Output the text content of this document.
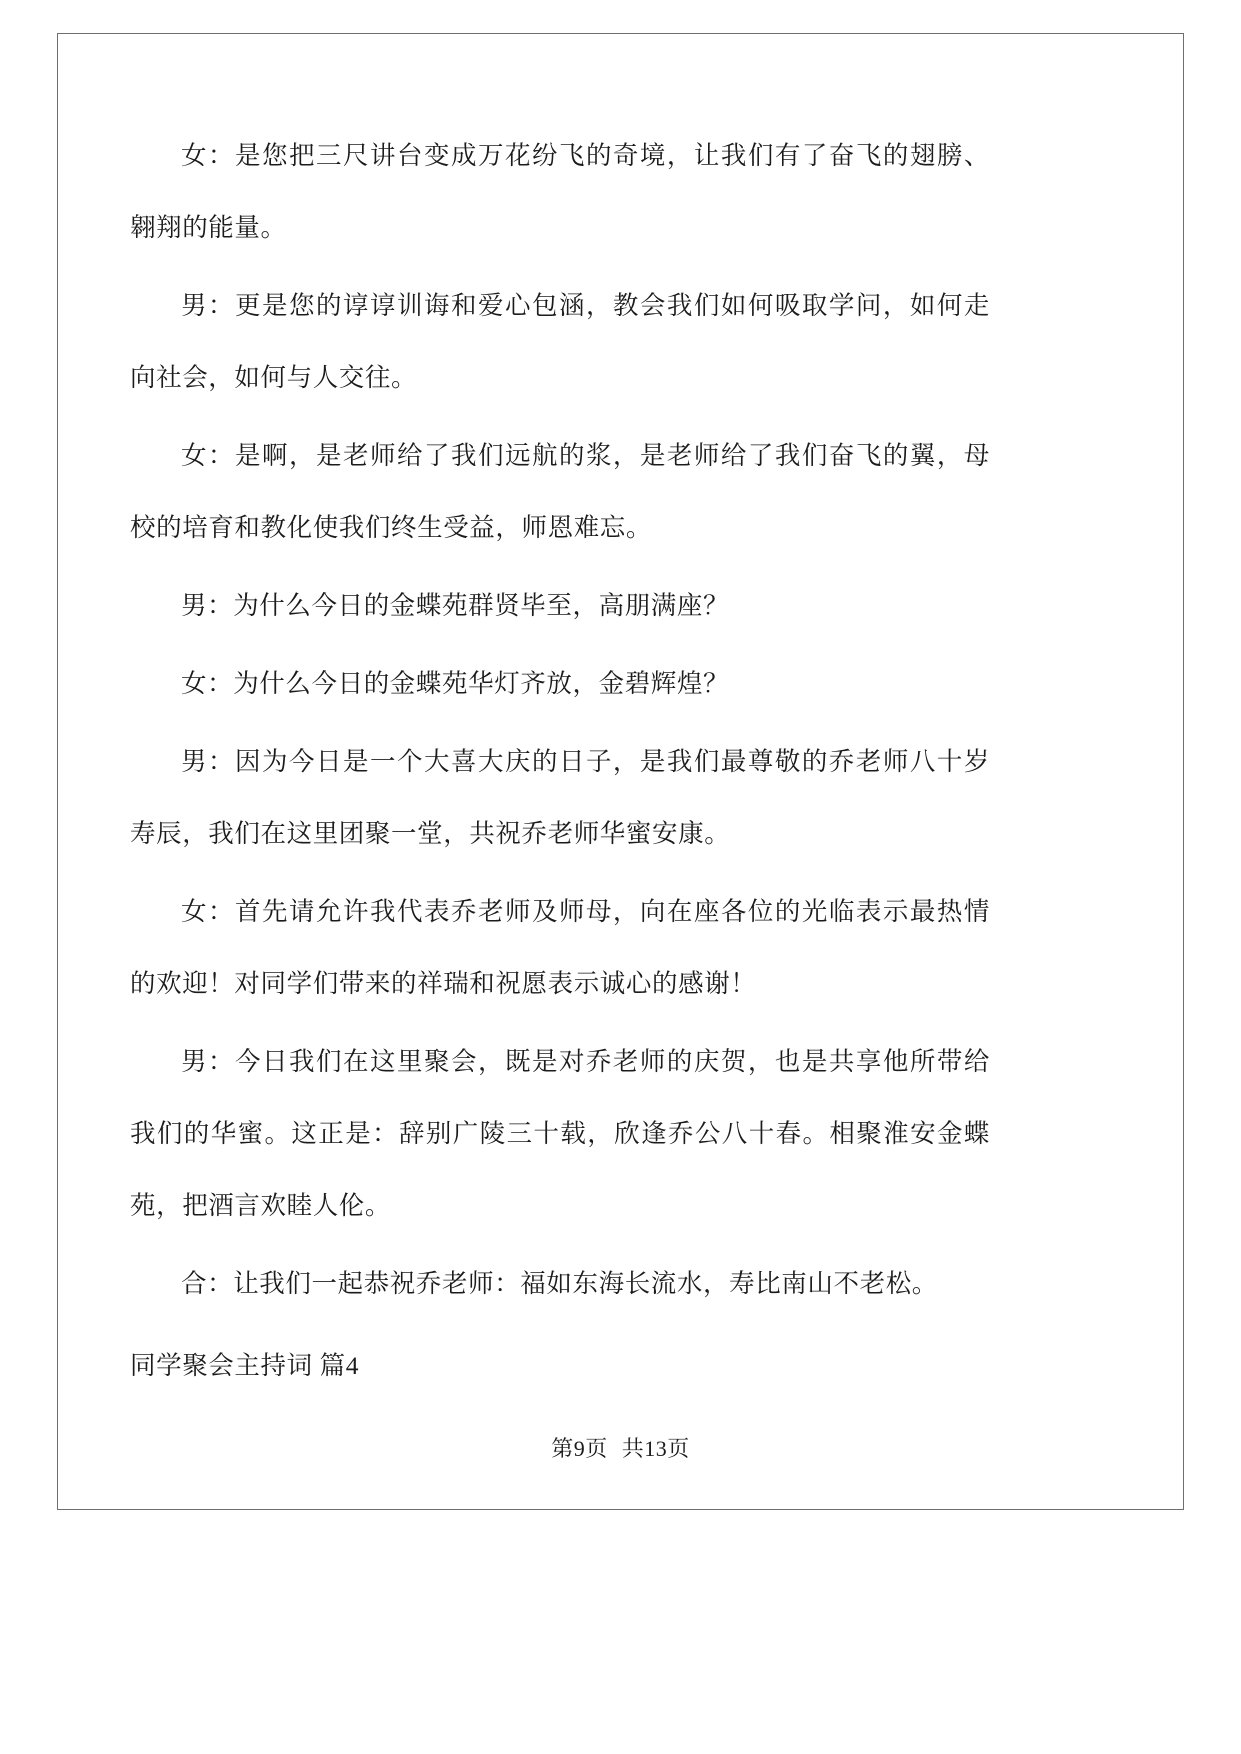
女：是您把三尺讲台变成万花纷飞的奇境，让我们有了奋飞的翅膀、翱翔的能量。

男：更是您的谆谆训诲和爱心包涵，教会我们如何吸取学问，如何走向社会，如何与人交往。

女：是啊，是老师给了我们远航的浆，是老师给了我们奋飞的翼，母校的培育和教化使我们终生受益，师恩难忘。

男：为什么今日的金蝶苑群贤毕至，高朋满座？

女：为什么今日的金蝶苑华灯齐放，金碧辉煌？

男：因为今日是一个大喜大庆的日子，是我们最尊敬的乔老师八十岁寿辰，我们在这里团聚一堂，共祝乔老师华蜜安康。

女：首先请允许我代表乔老师及师母，向在座各位的光临表示最热情的欢迎！对同学们带来的祥瑞和祝愿表示诚心的感谢！

男：今日我们在这里聚会，既是对乔老师的庆贺，也是共享他所带给我们的华蜜。这正是：辞别广陵三十载，欣逢乔公八十春。相聚淮安金蝶苑，把酒言欢睦人伦。

合：让我们一起恭祝乔老师：福如东海长流水，寿比南山不老松。

同学聚会主持词 篇4

第9页 共13页
